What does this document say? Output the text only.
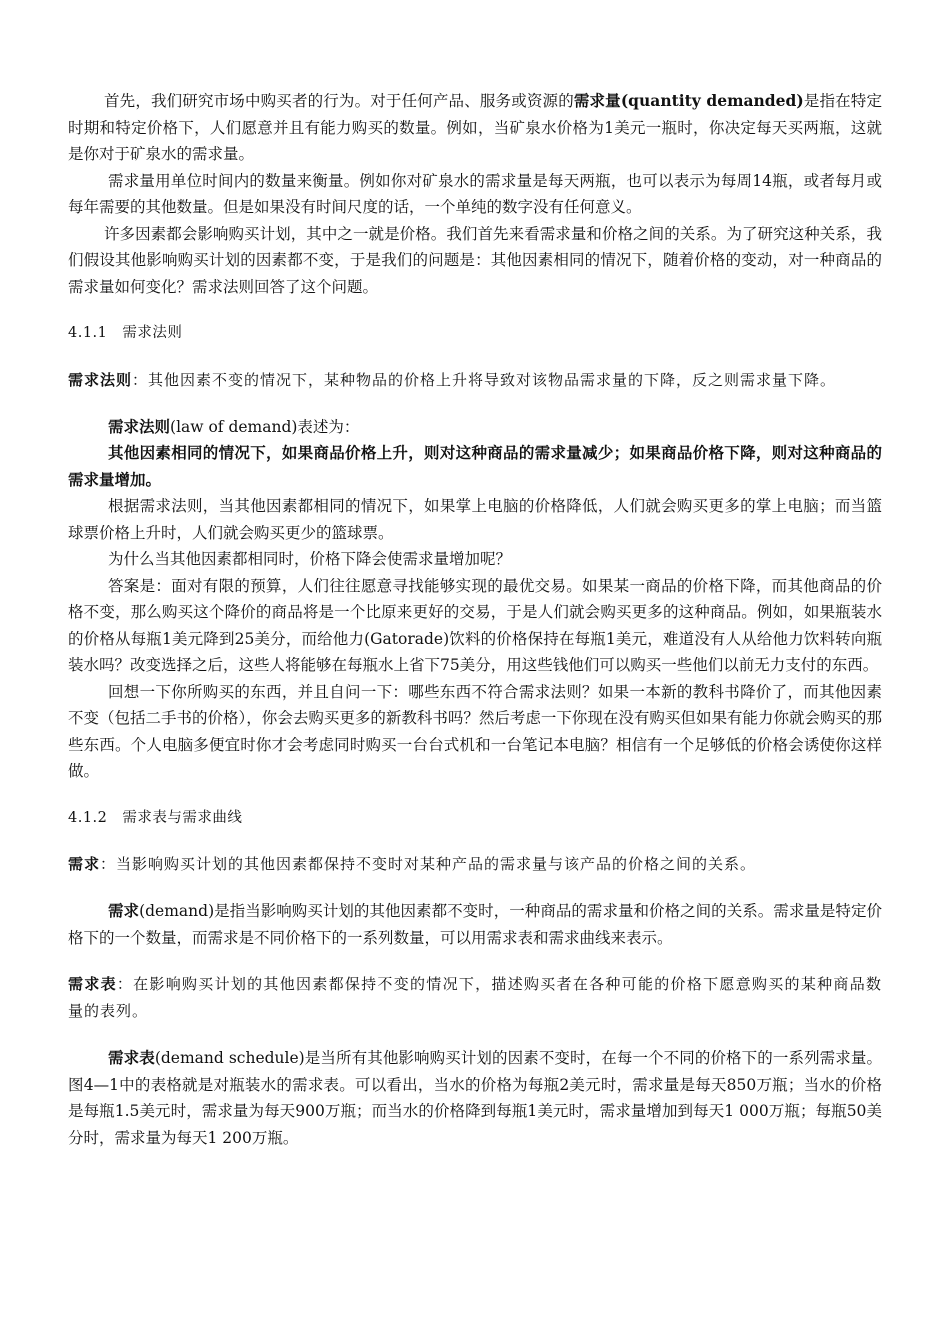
首先，我们研究市场中购买者的行为。对于任何产品、服务或资源的需求量(quantity demanded)是指在特定时期和特定价格下，人们愿意并且有能力购买的数量。例如，当矿泉水价格为1美元一瓶时，你决定每天买两瓶，这就是你对于矿泉水的需求量。

需求量用单位时间内的数量来衡量。例如你对矿泉水的需求量是每天两瓶，也可以表示为每周14瓶，或者每月或每年需要的其他数量。但是如果没有时间尺度的话，一个单纯的数字没有任何意义。

许多因素都会影响购买计划，其中之一就是价格。我们首先来看需求量和价格之间的关系。为了研究这种关系，我们假设其他影响购买计划的因素都不变，于是我们的问题是：其他因素相同的情况下，随着价格的变动，对一种商品的需求量如何变化？需求法则回答了这个问题。

4.1.1　需求法则

需求法则：其他因素不变的情况下，某种物品的价格上升将导致对该物品需求量的下降，反之则需求量下降。

需求法则(law of demand)表述为：

其他因素相同的情况下，如果商品价格上升，则对这种商品的需求量减少；如果商品价格下降，则对这种商品的需求量增加。

根据需求法则，当其他因素都相同的情况下，如果掌上电脑的价格降低，人们就会购买更多的掌上电脑；而当篮球票价格上升时，人们就会购买更少的篮球票。

为什么当其他因素都相同时，价格下降会使需求量增加呢？

答案是：面对有限的预算，人们往往愿意寻找能够实现的最优交易。如果某一商品的价格下降，而其他商品的价格不变，那么购买这个降价的商品将是一个比原来更好的交易，于是人们就会购买更多的这种商品。例如，如果瓶装水的价格从每瓶1美元降到25美分，而给他力(Gatorade)饮料的价格保持在每瓶1美元，难道没有人从给他力饮料转向瓶装水吗？改变选择之后，这些人将能够在每瓶水上省下75美分，用这些钱他们可以购买一些他们以前无力支付的东西。

回想一下你所购买的东西，并且自问一下：哪些东西不符合需求法则？如果一本新的教科书降价了，而其他因素不变（包括二手书的价格），你会去购买更多的新教科书吗？然后考虑一下你现在没有购买但如果有能力你就会购买的那些东西。个人电脑多便宜时你才会考虑同时购买一台台式机和一台笔记本电脑？相信有一个足够低的价格会诱使你这样做。

4.1.2　需求表与需求曲线

需求：当影响购买计划的其他因素都保持不变时对某种产品的需求量与该产品的价格之间的关系。

需求(demand)是指当影响购买计划的其他因素都不变时，一种商品的需求量和价格之间的关系。需求量是特定价格下的一个数量，而需求是不同价格下的一系列数量，可以用需求表和需求曲线来表示。

需求表：在影响购买计划的其他因素都保持不变的情况下，描述购买者在各种可能的价格下愿意购买的某种商品数量的表列。

需求表(demand schedule)是当所有其他影响购买计划的因素不变时，在每一个不同的价格下的一系列需求量。图4—1中的表格就是对瓶装水的需求表。可以看出，当水的价格为每瓶2美元时，需求量是每天850万瓶；当水的价格是每瓶1.5美元时，需求量为每天900万瓶；而当水的价格降到每瓶1美元时，需求量增加到每天1 000万瓶；每瓶50美分时，需求量为每天1 200万瓶。
